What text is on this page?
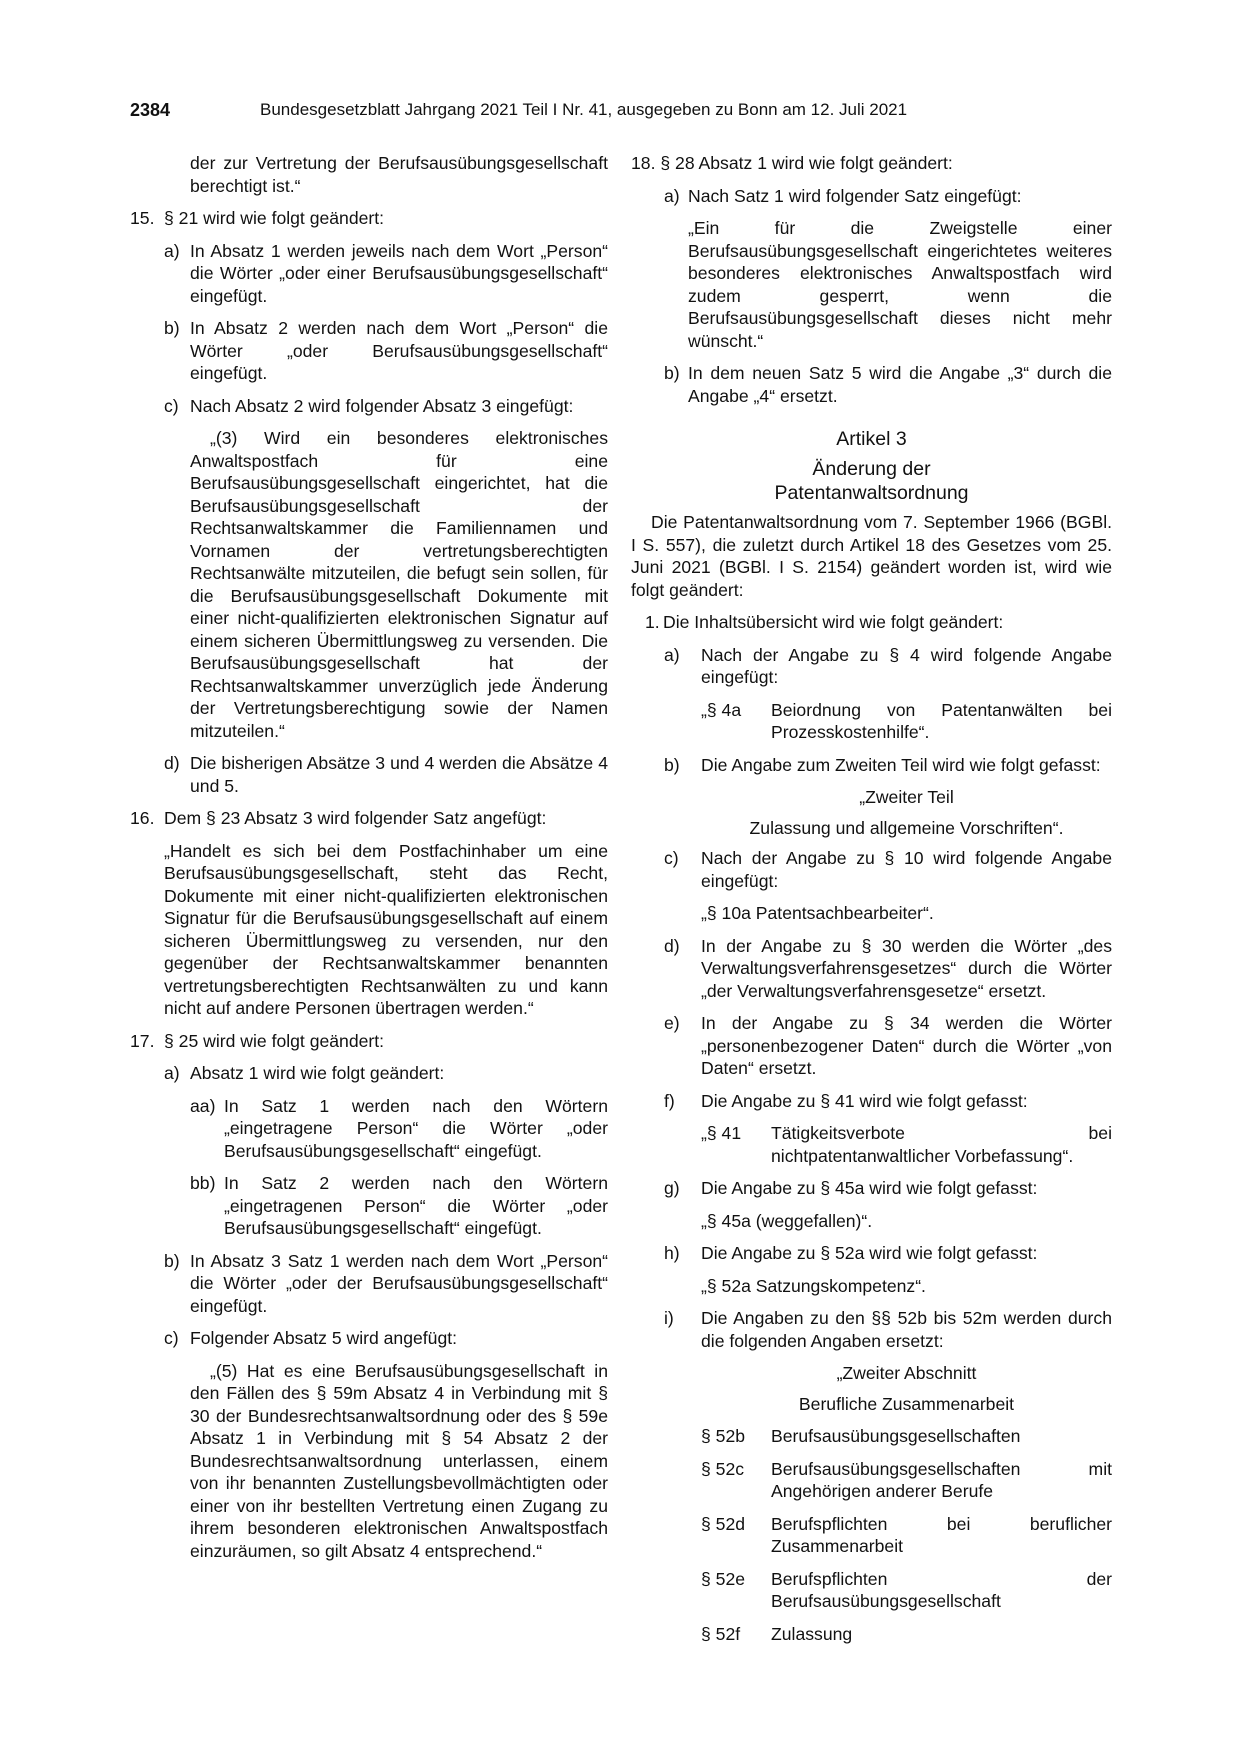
2384	Bundesgesetzblatt Jahrgang 2021 Teil I Nr. 41, ausgegeben zu Bonn am 12. Juli 2021
der zur Vertretung der Berufsausübungsgesellschaft berechtigt ist.“
15. § 21 wird wie folgt geändert:
a) In Absatz 1 werden jeweils nach dem Wort „Person“ die Wörter „oder einer Berufsausübungsgesellschaft“ eingefügt.
b) In Absatz 2 werden nach dem Wort „Person“ die Wörter „oder Berufsausübungsgesellschaft“ eingefügt.
c) Nach Absatz 2 wird folgender Absatz 3 eingefügt:
„(3) Wird ein besonderes elektronisches Anwaltspostfach für eine Berufsausübungsgesellschaft eingerichtet, hat die Berufsausübungsgesellschaft der Rechtsanwaltskammer die Familiennamen und Vornamen der vertretungsberechtigten Rechtsanwälte mitzuteilen, die befugt sein sollen, für die Berufsausübungsgesellschaft Dokumente mit einer nicht-qualifizierten elektronischen Signatur auf einem sicheren Übermittlungsweg zu versenden. Die Berufsausübungsgesellschaft hat der Rechtsanwaltskammer unverzüglich jede Änderung der Vertretungsberechtigung sowie der Namen mitzuteilen.“
d) Die bisherigen Absätze 3 und 4 werden die Absätze 4 und 5.
16. Dem § 23 Absatz 3 wird folgender Satz angefügt:
„Handelt es sich bei dem Postfachinhaber um eine Berufsausübungsgesellschaft, steht das Recht, Dokumente mit einer nicht-qualifizierten elektronischen Signatur für die Berufsausübungsgesellschaft auf einem sicheren Übermittlungsweg zu versenden, nur den gegenüber der Rechtsanwaltskammer benannten vertretungsberechtigten Rechtsanwälten zu und kann nicht auf andere Personen übertragen werden.“
17. § 25 wird wie folgt geändert:
a) Absatz 1 wird wie folgt geändert:
aa) In Satz 1 werden nach den Wörtern „eingetragene Person“ die Wörter „oder Berufsausübungsgesellschaft“ eingefügt.
bb) In Satz 2 werden nach den Wörtern „eingetragenen Person“ die Wörter „oder Berufsausübungsgesellschaft“ eingefügt.
b) In Absatz 3 Satz 1 werden nach dem Wort „Person“ die Wörter „oder der Berufsausübungsgesellschaft“ eingefügt.
c) Folgender Absatz 5 wird angefügt:
„(5) Hat es eine Berufsausübungsgesellschaft in den Fällen des § 59m Absatz 4 in Verbindung mit § 30 der Bundesrechtsanwaltsordnung oder des § 59e Absatz 1 in Verbindung mit § 54 Absatz 2 der Bundesrechtsanwaltsordnung unterlassen, einem von ihr benannten Zustellungsbevollmächtigten oder einer von ihr bestellten Vertretung einen Zugang zu ihrem besonderen elektronischen Anwaltspostfach einzuräumen, so gilt Absatz 4 entsprechend.“
18. § 28 Absatz 1 wird wie folgt geändert:
a) Nach Satz 1 wird folgender Satz eingefügt:
„Ein für die Zweigstelle einer Berufsausübungsgesellschaft eingerichtetes weiteres besonderes elektronisches Anwaltspostfach wird zudem gesperrt, wenn die Berufsausübungsgesellschaft dieses nicht mehr wünscht.“
b) In dem neuen Satz 5 wird die Angabe „3“ durch die Angabe „4“ ersetzt.
Artikel 3
Änderung der
Patentanwaltsordnung
Die Patentanwaltsordnung vom 7. September 1966 (BGBl. I S. 557), die zuletzt durch Artikel 18 des Gesetzes vom 25. Juni 2021 (BGBl. I S. 2154) geändert worden ist, wird wie folgt geändert:
1. Die Inhaltsübersicht wird wie folgt geändert:
a) Nach der Angabe zu § 4 wird folgende Angabe eingefügt:
„§ 4a Beiordnung von Patentanwälten bei Prozesskostenhilfe“.
b) Die Angabe zum Zweiten Teil wird wie folgt gefasst:
„Zweiter Teil
Zulassung und allgemeine Vorschriften“.
c) Nach der Angabe zu § 10 wird folgende Angabe eingefügt:
„§ 10a Patentsachbearbeiter“.
d) In der Angabe zu § 30 werden die Wörter „des Verwaltungsverfahrensgesetzes“ durch die Wörter „der Verwaltungsverfahrensgesetze“ ersetzt.
e) In der Angabe zu § 34 werden die Wörter „personenbezogener Daten“ durch die Wörter „von Daten“ ersetzt.
f) Die Angabe zu § 41 wird wie folgt gefasst:
„§ 41 Tätigkeitsverbote bei nichtpatentanwaltlicher Vorbefassung“.
g) Die Angabe zu § 45a wird wie folgt gefasst:
„§ 45a (weggefallen)“.
h) Die Angabe zu § 52a wird wie folgt gefasst:
„§ 52a Satzungskompetenz“.
i) Die Angaben zu den §§ 52b bis 52m werden durch die folgenden Angaben ersetzt:
„Zweiter Abschnitt
Berufliche Zusammenarbeit
§ 52b Berufsausübungsgesellschaften
§ 52c Berufsausübungsgesellschaften mit Angehörigen anderer Berufe
§ 52d Berufspflichten bei beruflicher Zusammenarbeit
§ 52e Berufspflichten der Berufsausübungsgesellschaft
§ 52f Zulassung
